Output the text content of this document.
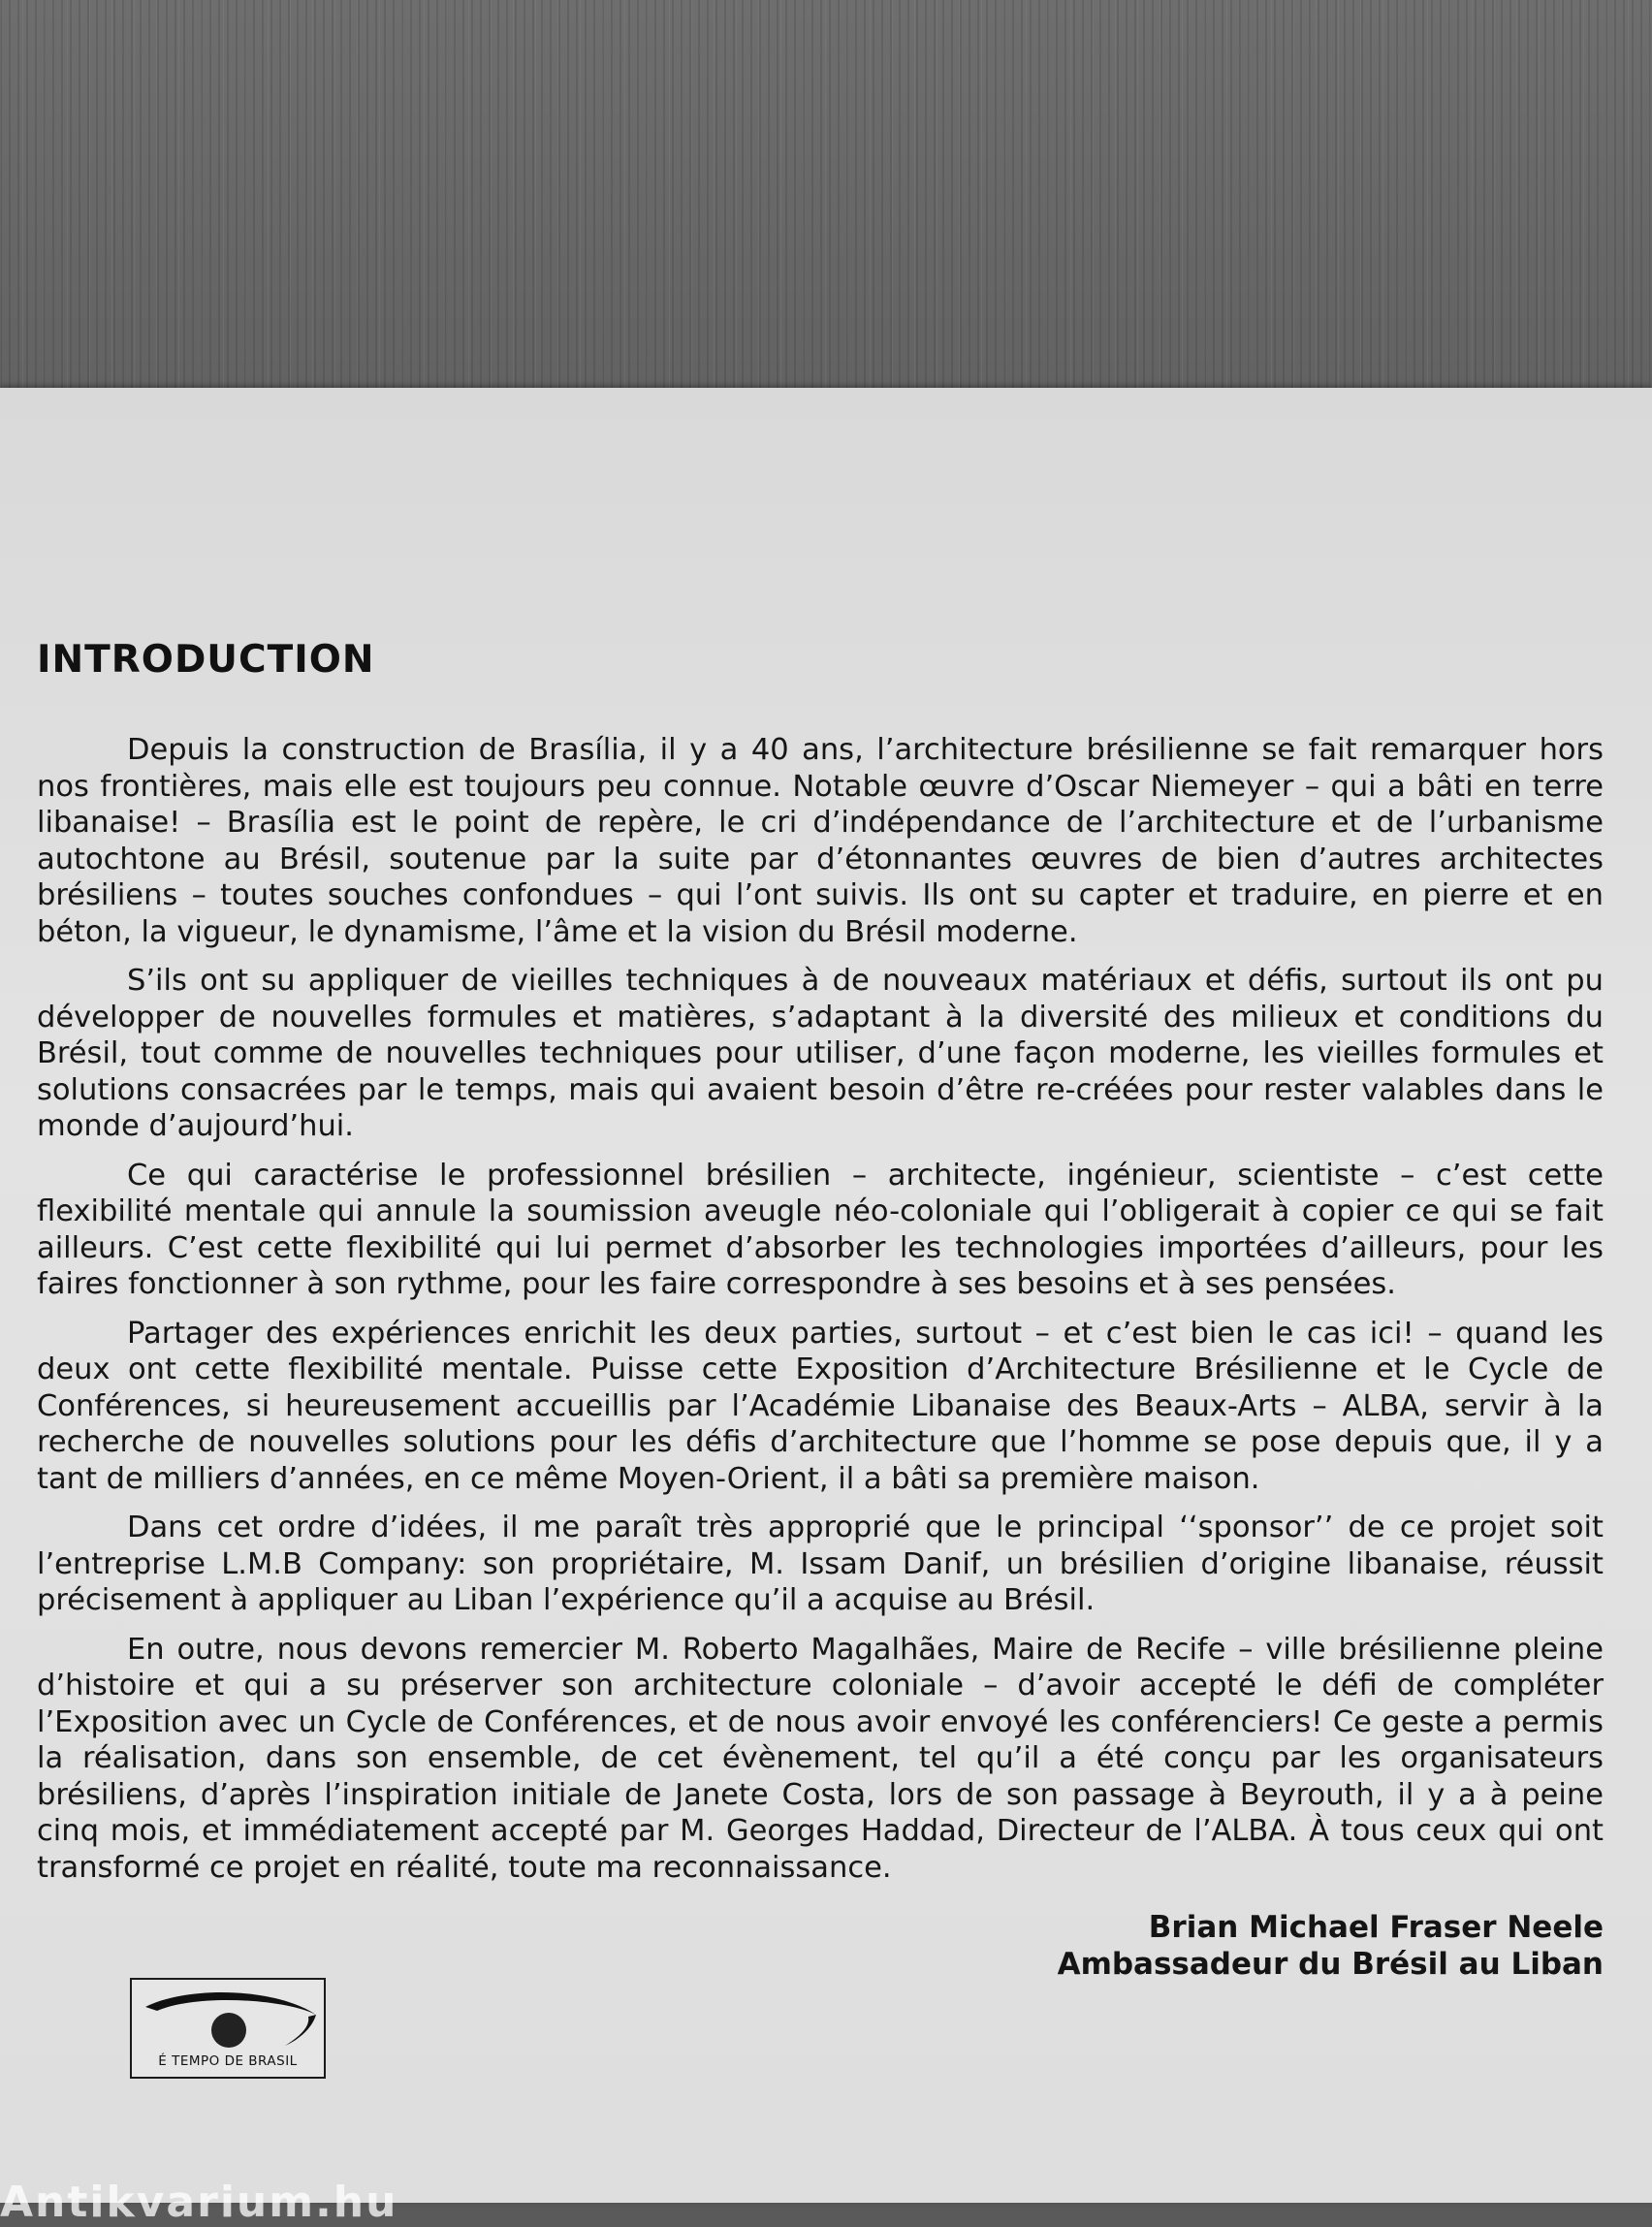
INTRODUCTION

Depuis la construction de Brasília, il y a 40 ans, l’architecture brésilienne se fait remarquer hors nos frontières, mais elle est toujours peu connue. Notable œuvre d’Oscar Niemeyer – qui a bâti en terre libanaise! – Brasília est le point de repère, le cri d’indépendance de l’architecture et de l’urbanisme autochtone au Brésil, soutenue par la suite par d’étonnantes œuvres de bien d’autres architectes brésiliens – toutes souches confondues – qui l’ont suivis. Ils ont su capter et traduire, en pierre et en béton, la vigueur, le dynamisme, l’âme et la vision du Brésil moderne.

S’ils ont su appliquer de vieilles techniques à de nouveaux matériaux et défis, surtout ils ont pu développer de nouvelles formules et matières, s’adaptant à la diversité des milieux et conditions du Brésil, tout comme de nouvelles techniques pour utiliser, d’une façon moderne, les vieilles formules et solutions consacrées par le temps, mais qui avaient besoin d’être re-créées pour rester valables dans le monde d’aujourd’hui.

Ce qui caractérise le professionnel brésilien – architecte, ingénieur, scientiste – c’est cette flexibilité mentale qui annule la soumission aveugle néo-coloniale qui l’obligerait à copier ce qui se fait ailleurs. C’est cette flexibilité qui lui permet d’absorber les technologies importées d’ailleurs, pour les faires fonctionner à son rythme, pour les faire correspondre à ses besoins et à ses pensées.

Partager des expériences enrichit les deux parties, surtout – et c’est bien le cas ici! – quand les deux ont cette flexibilité mentale. Puisse cette Exposition d’Architecture Brésilienne et le Cycle de Conférences, si heureusement accueillis par l’Académie Libanaise des Beaux-Arts – ALBA, servir à la recherche de nouvelles solutions pour les défis d’architecture que l’homme se pose depuis que, il y a tant de milliers d’années, en ce même Moyen-Orient, il a bâti sa première maison.

Dans cet ordre d’idées, il me paraît très approprié que le principal ‘‘sponsor’’ de ce projet soit l’entreprise L.M.B Company: son propriétaire, M. Issam Danif, un brésilien d’origine libanaise, réussit précisement à appliquer au Liban l’expérience qu’il a acquise au Brésil.

En outre, nous devons remercier M. Roberto Magalhães, Maire de Recife – ville brésilienne pleine d’histoire et qui a su préserver son architecture coloniale – d’avoir accepté le défi de compléter l’Exposition avec un Cycle de Conférences, et de nous avoir envoyé les conférenciers! Ce geste a permis la réalisation, dans son ensemble, de cet évènement, tel qu’il a été conçu par les organisateurs brésiliens, d’après l’inspiration initiale de Janete Costa, lors de son passage à Beyrouth, il y a à peine cinq mois, et immédiatement accepté par M. Georges Haddad, Directeur de l’ALBA. À tous ceux qui ont transformé ce projet en réalité, toute ma reconnaissance.

Brian Michael Fraser Neele
Ambassadeur du Brésil au Liban
É TEMPO DE BRASIL
Antikvarium.hu
